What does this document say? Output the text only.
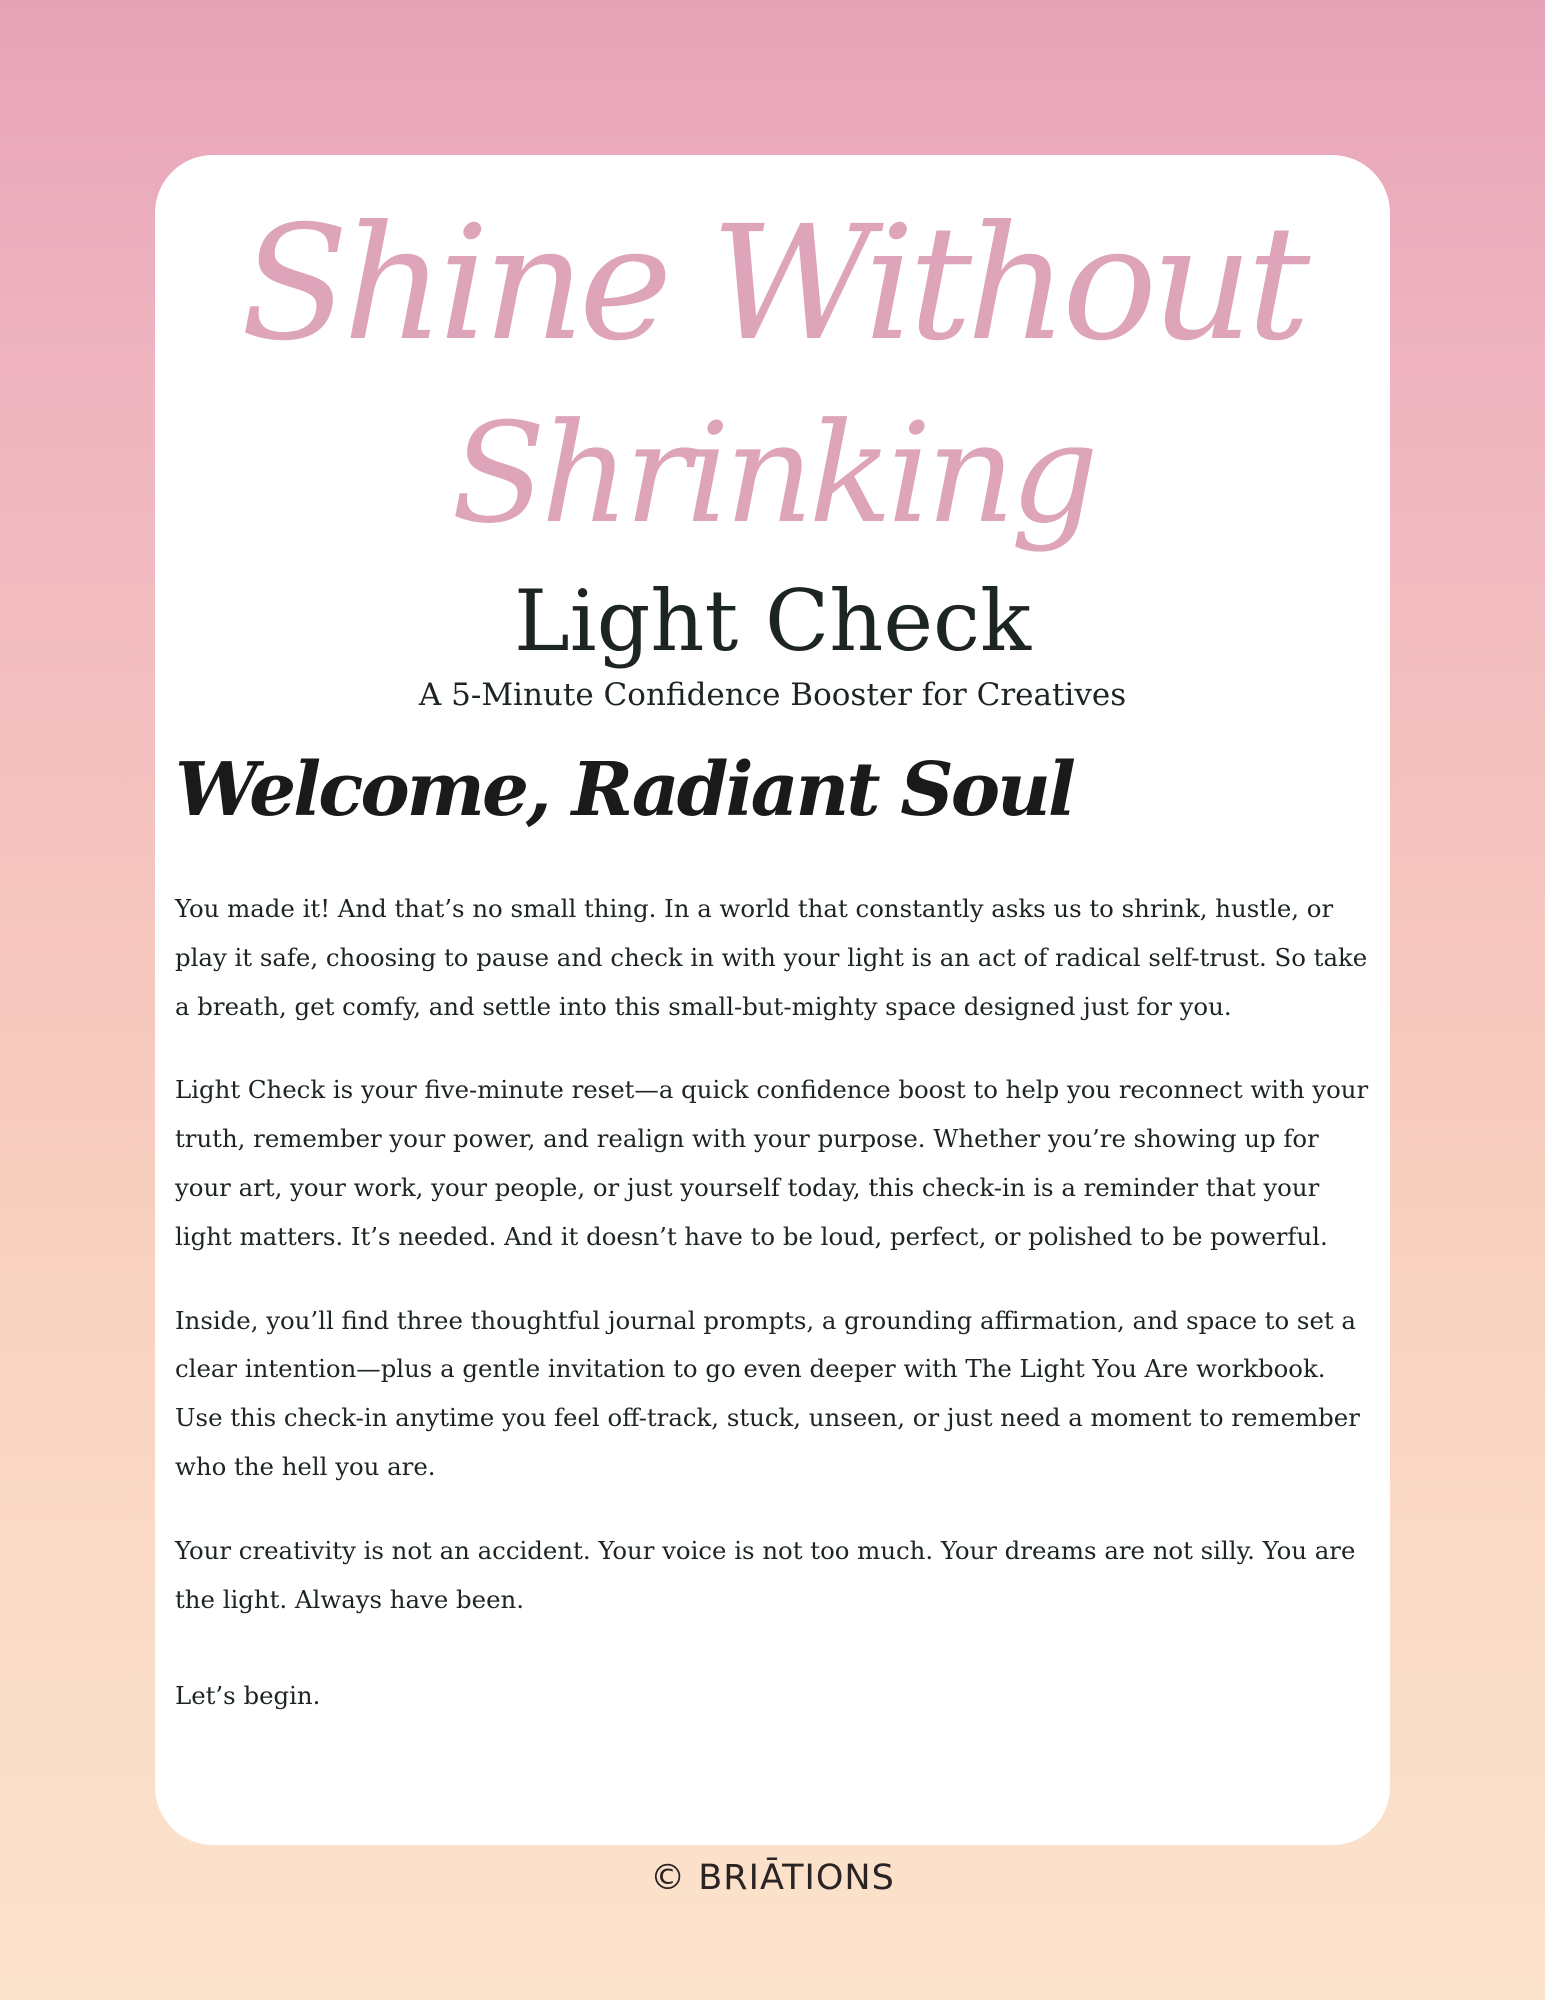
Shine Without
Shrinking
Light Check
A 5-Minute Confidence Booster for Creatives
Welcome, Radiant Soul

You made it! And that’s no small thing. In a world that constantly asks us to shrink, hustle, or play it safe, choosing to pause and check in with your light is an act of radical self-trust. So take a breath, get comfy, and settle into this small-but-mighty space designed just for you.

Light Check is your five-minute reset—a quick confidence boost to help you reconnect with your truth, remember your power, and realign with your purpose. Whether you’re showing up for your art, your work, your people, or just yourself today, this check-in is a reminder that your light matters. It’s needed. And it doesn’t have to be loud, perfect, or polished to be powerful.

Inside, you’ll find three thoughtful journal prompts, a grounding affirmation, and space to set a clear intention—plus a gentle invitation to go even deeper with The Light You Are workbook. Use this check-in anytime you feel off-track, stuck, unseen, or just need a moment to remember who the hell you are.

Your creativity is not an accident. Your voice is not too much. Your dreams are not silly. You are the light. Always have been.

Let’s begin.

© BRIĀTIONS
